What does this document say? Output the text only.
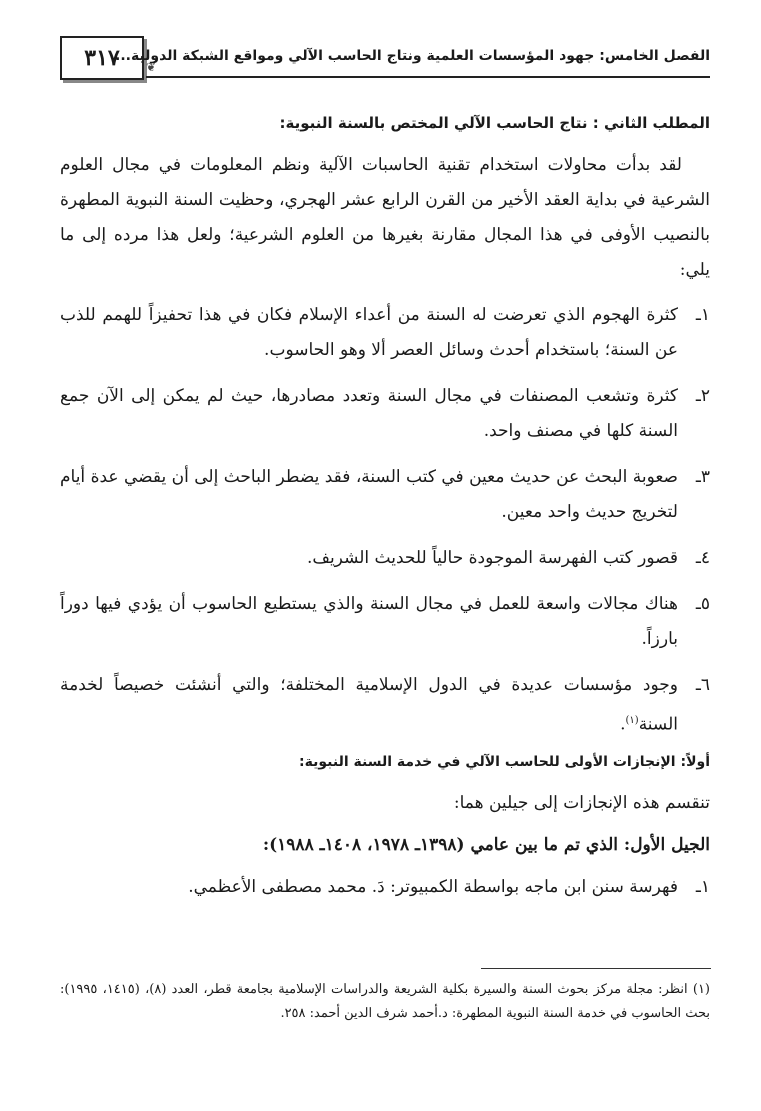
٣١٧	❦
الفصل الخامس: جهود المؤسسات العلمية ونتاج الحاسب الآلي ومواقع الشبكة الدولية...
المطلب الثاني : نتاج الحاسب الآلي المختص بالسنة النبوية:

لقد بدأت محاولات استخدام تقنية الحاسبات الآلية ونظم المعلومات في مجال العلوم الشرعية في بداية العقد الأخير من القرن الرابع عشر الهجري، وحظيت السنة النبوية المطهرة بالنصيب الأوفى في هذا المجال مقارنة بغيرها من العلوم الشرعية؛ ولعل هذا مرده إلى ما يلي:

١ـ
كثرة الهجوم الذي تعرضت له السنة من أعداء الإسلام فكان في هذا تحفيزاً للهمم للذب عن السنة؛ باستخدام أحدث وسائل العصر ألا وهو الحاسوب.
٢ـ
كثرة وتشعب المصنفات في مجال السنة وتعدد مصادرها، حيث لم يمكن إلى الآن جمع السنة كلها في مصنف واحد.
٣ـ
صعوبة البحث عن حديث معين في كتب السنة، فقد يضطر الباحث إلى أن يقضي عدة أيام لتخريج حديث واحد معين.
٤ـ
قصور كتب الفهرسة الموجودة حالياً للحديث الشريف.
٥ـ
هناك مجالات واسعة للعمل في مجال السنة والذي يستطيع الحاسوب أن يؤدي فيها دوراً بارزاً.
٦ـ
وجود مؤسسات عديدة في الدول الإسلامية المختلفة؛ والتي أنشئت خصيصاً لخدمة السنة$^{(١)}$.
أولاً: الإنجازات الأولى للحاسب الآلي في خدمة السنة النبوية:

تنقسم هذه الإنجازات إلى جيلين هما:

الجيل الأول: الذي تم ما بين عامي (١٣٩٨ـ ١٩٧٨، ١٤٠٨ـ ١٩٨٨):

١ـ
فهرسة سنن ابن ماجه بواسطة الكمبيوتر: دَ. محمد مصطفى الأعظمي.
(١) انظر: مجلة مركز بحوث السنة والسيرة بكلية الشريعة والدراسات الإسلامية بجامعة قطر، العدد (٨)، (١٤١٥، ١٩٩٥): بحث الحاسوب في خدمة السنة النبوية المطهرة: د.أحمد شرف الدين أحمد: ٢٥٨.
